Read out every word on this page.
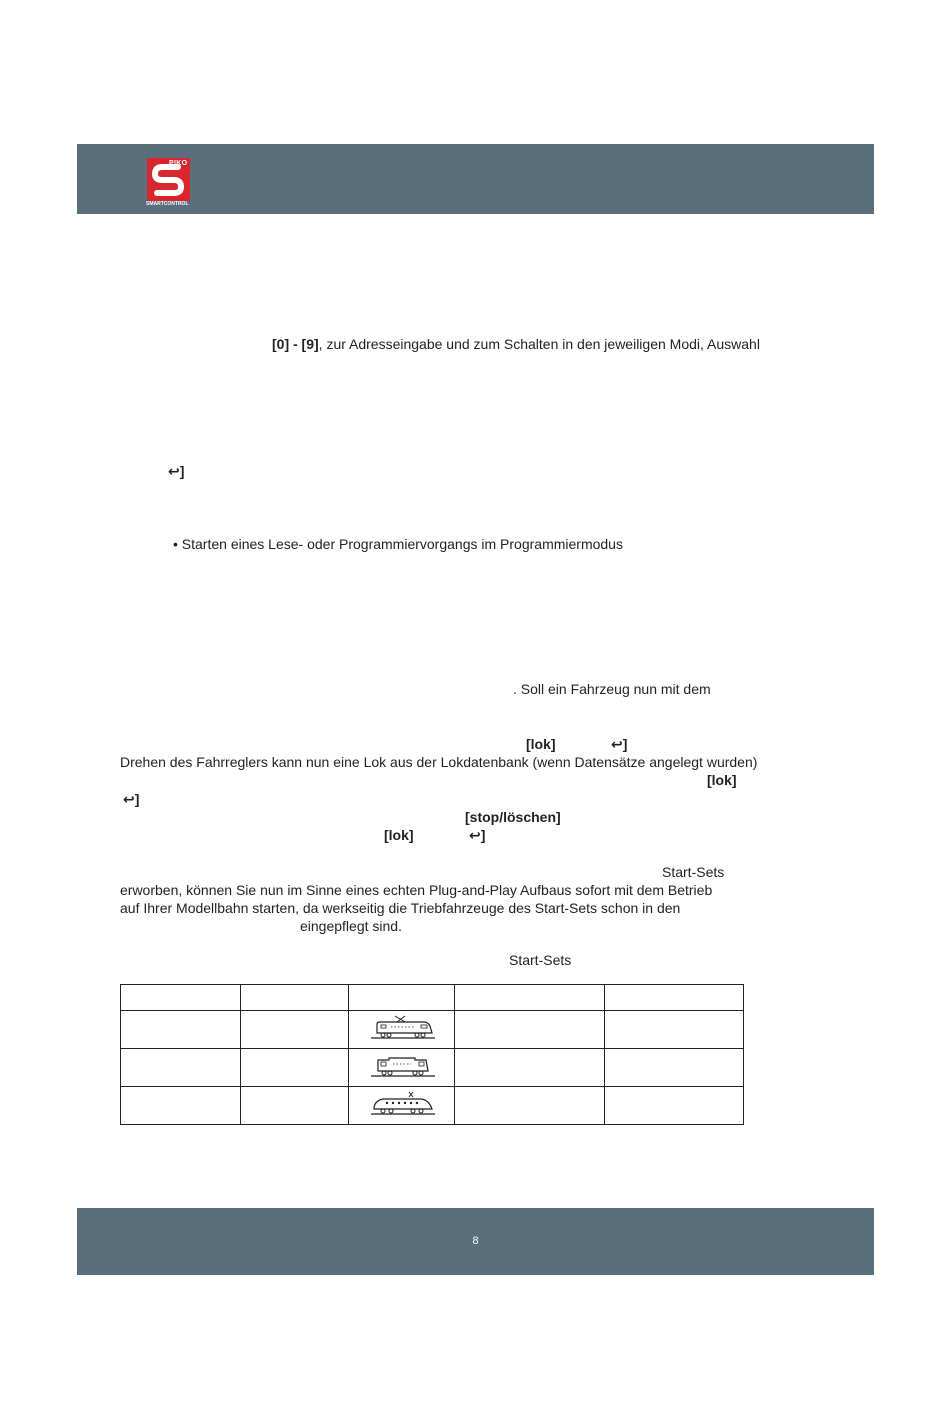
PIKO
SMARTCONTROL
[0] - [9], zur Adresseingabe und zum Schalten in den jeweiligen Modi, Auswahl
↩]
• Starten eines Lese- oder Programmiervorgangs im Programmiermodus
. Soll ein Fahrzeug nun mit dem
[lok]	↩]
Drehen des Fahrreglers kann nun eine Lok aus der Lokdatenbank (wenn Datensätze angelegt wurden)
[lok]
↩]
[stop/löschen]
[lok]	↩]
Start-Sets
erworben, können Sie nun im Sinne eines echten Plug-and-Play Aufbaus sofort mit dem Betrieb
auf Ihrer Modellbahn starten, da werkseitig die Triebfahrzeuge des Start-Sets schon in den
eingepflegt sind.
Start-Sets

8
